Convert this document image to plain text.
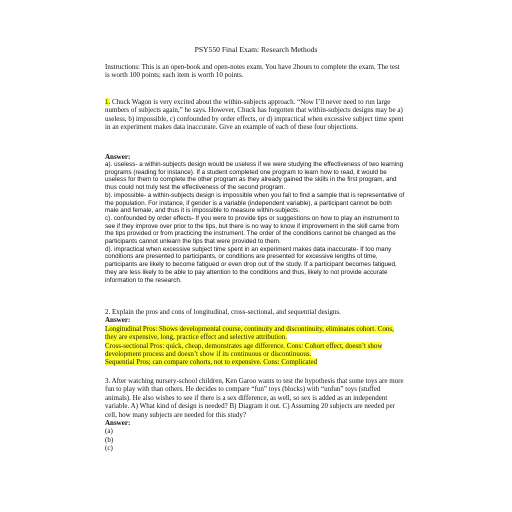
PSY550 Final Exam: Research Methods

Instructions: This is an open-book and open-notes exam. You have 2hours to complete the exam. The test is worth 100 points; each item is worth 10 points.

1. Chuck Wagon is very excited about the within-subjects approach. “Now I’ll never need to run large numbers of subjects again,” he says. However, Chuck has forgotten that within-subjects designs may be a) useless, b) impossible, c) confounded by order effects, or d) impractical when excessive subject time spent in an experiment makes data inaccurate. Give an example of each of these four objections.

Answer:

a). useless- a within-subjects design would be useless if we were studying the effectiveness of two learning programs (reading for instance). If a student completed one program to learn how to read, it would be useless for them to complete the other program as they already gained the skills in the first program, and thus could not truly test the effectiveness of the second program.

b). impossible- a within-subjects design is impossible when you fail to find a sample that is representative of the population. For instance, if gender is a variable (independent variable), a participant cannot be both male and female, and thus it is impossible to measure within-subjects.

c). confounded by order effects- If you were to provide tips or suggestions on how to play an instrument to see if they improve over prior to the tips, but there is no way to know if improvement in the skill came from the tips provided or from practicing the instrument. The order of the conditions cannot be changed as the participants cannot unlearn the tips that were provided to them.

d). impractical when excessive subject time spent in an experiment makes data inaccurate- If too many conditions are presented to participants, or conditions are presented for excessive lengths of time, participants are likely to become fatigued or even drop out of the study. If a participant becomes fatigued, they are less likely to be able to pay attention to the conditions and thus, likely to not provide accurate information to the research.

2. Explain the pros and cons of longitudinal, cross-sectional, and sequential designs.

Answer:

Longitudinal Pros: Shows developmental course, continuity and discontinuity, eliminates cohort. Cons, they are expensive, long, practice effect and selective attribution.

Cross-sectional Pros: quick, cheap, demonstrates age difference. Cons: Cohort effect, doesn’t show development process and doesn’t show if its continuous or discontinuous.

Sequential Pros; can compare cohorts, not to expensive. Cons: Complicated

3. After watching nursery-school children, Ken Garoo wants to test the hypothesis that some toys are more fun to play with than others. He decides to compare “fun” toys (blocks) with “unfun” toys (stuffed animals). He also wishes to see if there is a sex difference, as well, so sex is added as an independent variable. A) What kind of design is needed? B) Diagram it out. C) Assuming 20 subjects are needed per cell, how many subjects are needed for this study?

Answer:

(a)

(b)

(c)
